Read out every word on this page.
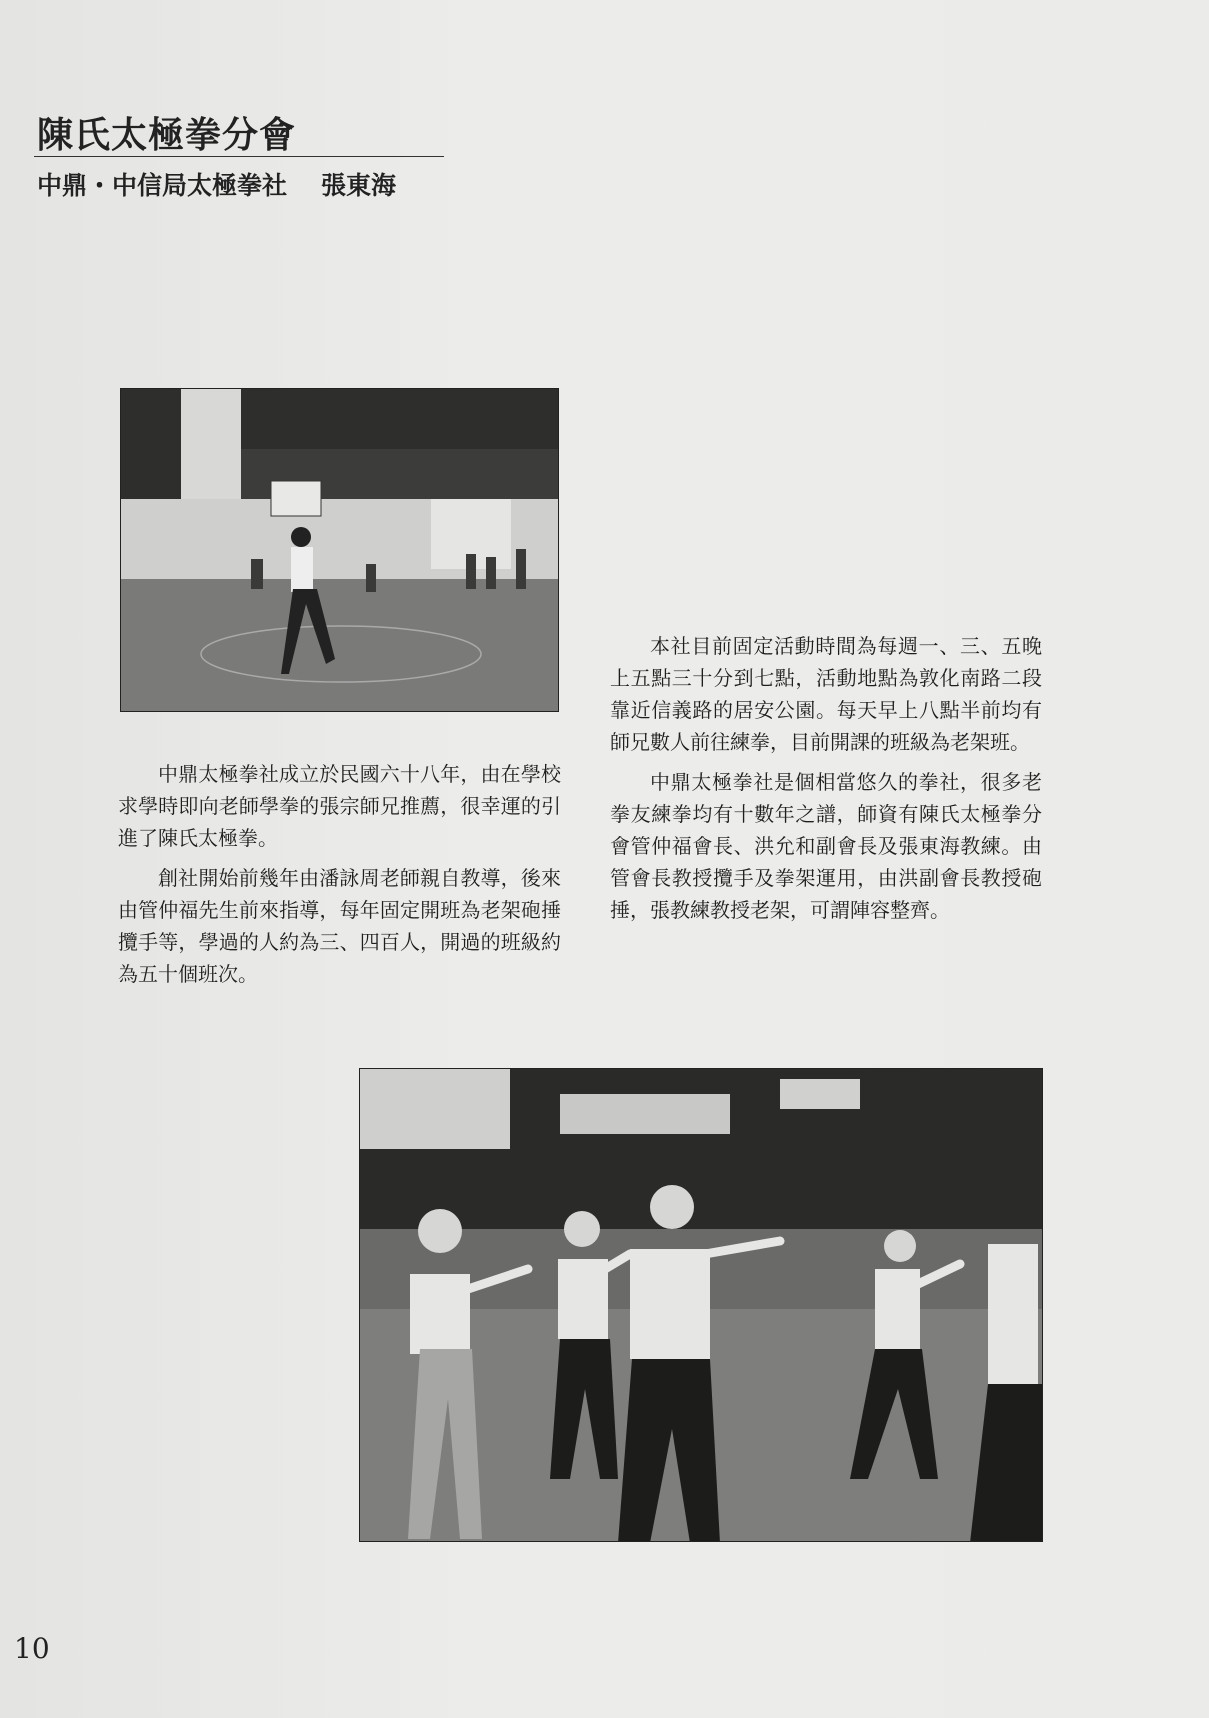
陳氏太極拳分會
中鼎・中信局太極拳社 張東海

中鼎太極拳社成立於民國六十八年，由在學校求學時即向老師學拳的張宗師兄推薦，很幸運的引進了陳氏太極拳。

創社開始前幾年由潘詠周老師親自教導，後來由管仲福先生前來指導，每年固定開班為老架砲捶攬手等，學過的人約為三、四百人，開過的班級約為五十個班次。

本社目前固定活動時間為每週一、三、五晚上五點三十分到七點，活動地點為敦化南路二段靠近信義路的居安公園。每天早上八點半前均有師兄數人前往練拳，目前開課的班級為老架班。

中鼎太極拳社是個相當悠久的拳社，很多老拳友練拳均有十數年之譜，師資有陳氏太極拳分會管仲福會長、洪允和副會長及張東海教練。由管會長教授攬手及拳架運用，由洪副會長教授砲捶，張教練教授老架，可謂陣容整齊。

10
